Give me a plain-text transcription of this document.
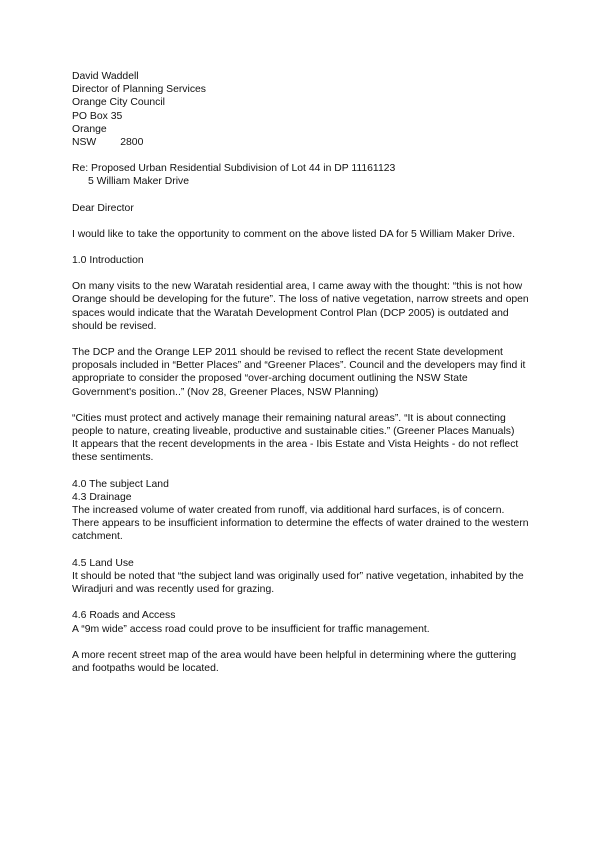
David Waddell
Director of Planning Services
Orange City Council
PO Box 35
Orange
NSW 2800
Re: Proposed Urban Residential Subdivision of Lot 44 in DP 11161123
5 William Maker Drive

Dear Director

I would like to take the opportunity to comment on the above listed DA for 5 William Maker Drive.

1.0 Introduction

On many visits to the new Waratah residential area, I came away with the thought: “this is not how Orange should be developing for the future”. The loss of native vegetation, narrow streets and open spaces would indicate that the Waratah Development Control Plan (DCP 2005) is outdated and should be revised.

The DCP and the Orange LEP 2011 should be revised to reflect the recent State development proposals included in “Better Places” and “Greener Places”. Council and the developers may find it appropriate to consider the proposed “over-arching document outlining the NSW State Government's position..” (Nov 28, Greener Places, NSW Planning)

“Cities must protect and actively manage their remaining natural areas”. “It is about connecting people to nature, creating liveable, productive and sustainable cities.” (Greener Places Manuals)

It appears that the recent developments in the area - Ibis Estate and Vista Heights - do not reflect these sentiments.

4.0 The subject Land

4.3 Drainage

The increased volume of water created from runoff, via additional hard surfaces, is of concern. There appears to be insufficient information to determine the effects of water drained to the western catchment.

4.5 Land Use

It should be noted that “the subject land was originally used for” native vegetation, inhabited by the Wiradjuri and was recently used for grazing.

4.6 Roads and Access

A “9m wide” access road could prove to be insufficient for traffic management.

A more recent street map of the area would have been helpful in determining where the guttering and footpaths would be located.
